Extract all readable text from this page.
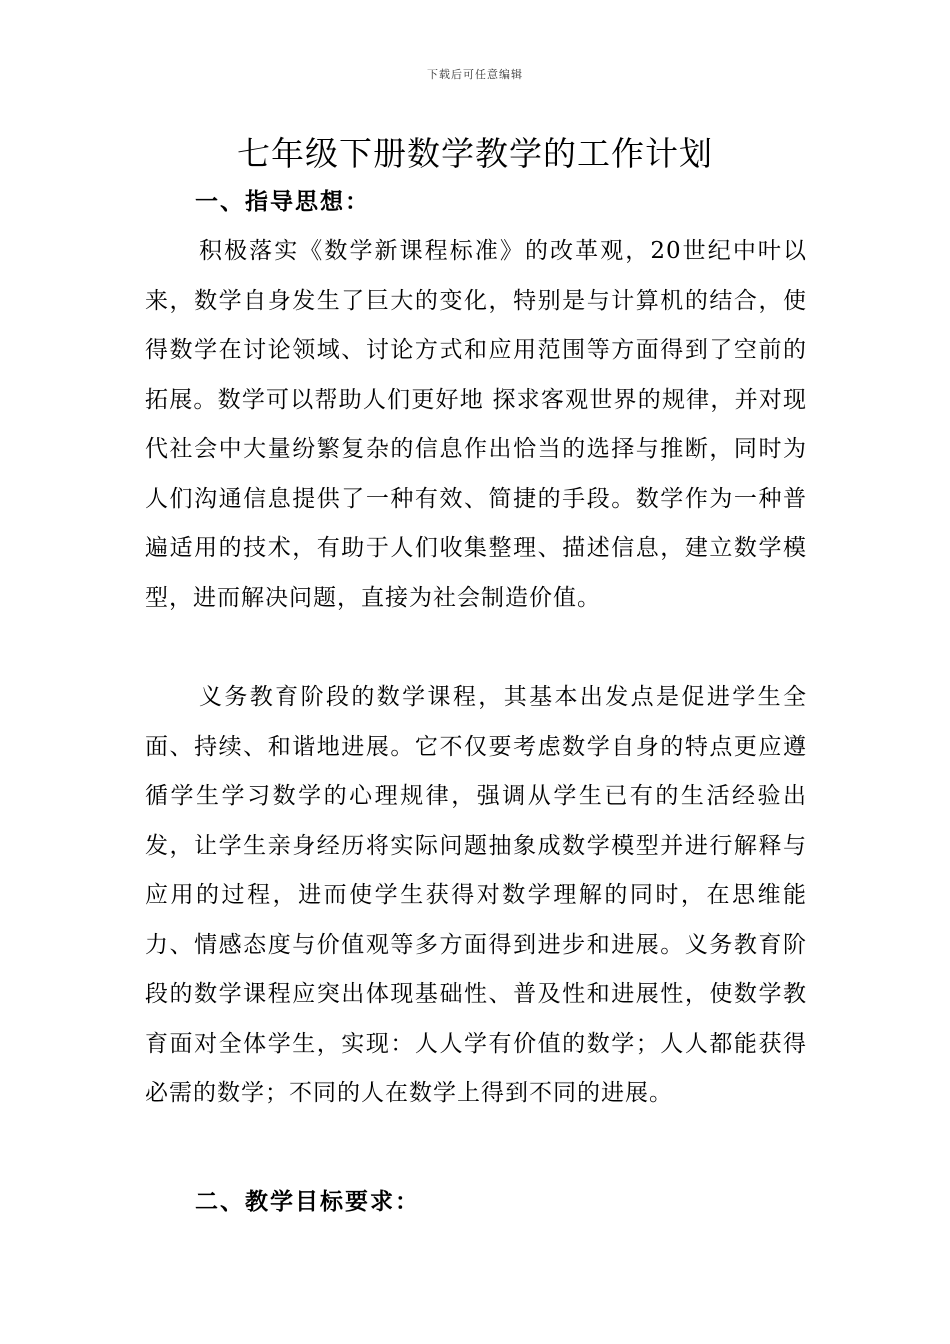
下载后可任意编辑
七年级下册数学教学的工作计划
一、指导思想：

积极落实《数学新课程标准》的改革观，20世纪中叶以来，数学自身发生了巨大的变化，特别是与计算机的结合，使得数学在讨论领域、讨论方式和应用范围等方面得到了空前的拓展。数学可以帮助人们更好地 探求客观世界的规律，并对现代社会中大量纷繁复杂的信息作出恰当的选择与推断，同时为人们沟通信息提供了一种有效、简捷的手段。数学作为一种普遍适用的技术，有助于人们收集整理、描述信息，建立数学模型，进而解决问题，直接为社会制造价值。

义务教育阶段的数学课程，其基本出发点是促进学生全面、持续、和谐地进展。它不仅要考虑数学自身的特点更应遵循学生学习数学的心理规律，强调从学生已有的生活经验出发，让学生亲身经历将实际问题抽象成数学模型并进行解释与应用的过程，进而使学生获得对数学理解的同时，在思维能力、情感态度与价值观等多方面得到进步和进展。义务教育阶段的数学课程应突出体现基础性、普及性和进展性，使数学教育面对全体学生，实现：人人学有价值的数学；人人都能获得必需的数学；不同的人在数学上得到不同的进展。

二、教学目标要求：
